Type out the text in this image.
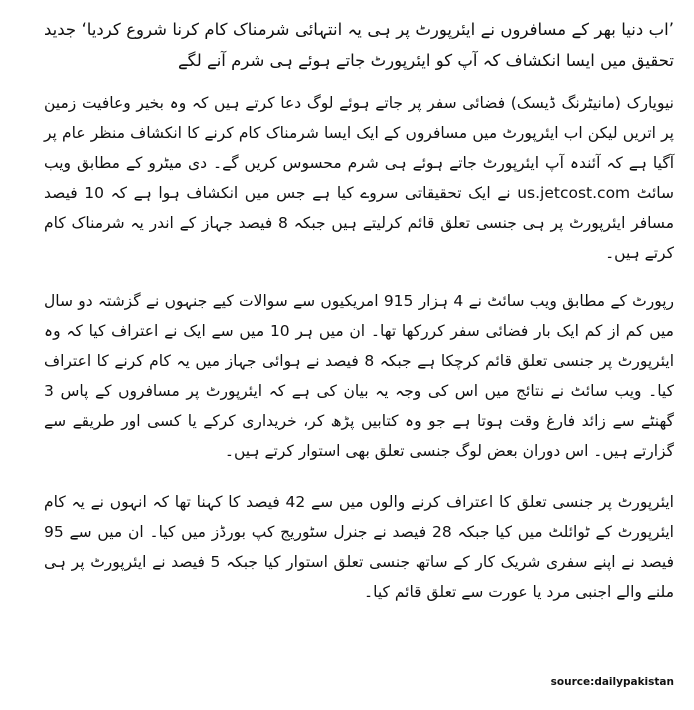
’اب دنیا بھر کے مسافروں نے ایئرپورٹ پر ہی یہ انتہائی شرمناک کام کرنا شروع کردیا‘ جدید تحقیق میں ایسا انکشاف کہ آپ کو ایئرپورٹ جاتے ہوئے ہی شرم آنے لگے

نیویارک (مانیٹرنگ ڈیسک) فضائی سفر پر جاتے ہوئے لوگ دعا کرتے ہیں کہ وہ بخیر وعافیت زمین پر اتریں لیکن اب ایئرپورٹ میں مسافروں کے ایک ایسا شرمناک کام کرنے کا انکشاف منظر عام پر آگیا ہے کہ آئندہ آپ ایئرپورٹ جاتے ہوئے ہی شرم محسوس کریں گے۔ دی میٹرو کے مطابق ویب سائٹ us.jetcost.com نے ایک تحقیقاتی سروے کیا ہے جس میں انکشاف ہوا ہے کہ 10 فیصد مسافر ایئرپورٹ پر ہی جنسی تعلق قائم کرلیتے ہیں جبکہ 8 فیصد جہاز کے اندر یہ شرمناک کام کرتے ہیں۔

رپورٹ کے مطابق ویب سائٹ نے 4 ہزار 915 امریکیوں سے سوالات کیے جنہوں نے گزشتہ دو سال میں کم از کم ایک بار فضائی سفر کررکھا تھا۔ ان میں ہر 10 میں سے ایک نے اعتراف کیا کہ وہ ایئرپورٹ پر جنسی تعلق قائم کرچکا ہے جبکہ 8 فیصد نے ہوائی جہاز میں یہ کام کرنے کا اعتراف کیا۔ ویب سائٹ نے نتائج میں اس کی وجہ یہ بیان کی ہے کہ ایئرپورٹ پر مسافروں کے پاس 3 گھنٹے سے زائد فارغ وقت ہوتا ہے جو وہ کتابیں پڑھ کر، خریداری کرکے یا کسی اور طریقے سے گزارتے ہیں۔ اس دوران بعض لوگ جنسی تعلق بھی استوار کرتے ہیں۔

ایئرپورٹ پر جنسی تعلق کا اعتراف کرنے والوں میں سے 42 فیصد کا کہنا تھا کہ انہوں نے یہ کام ایئرپورٹ کے ٹوائلٹ میں کیا جبکہ 28 فیصد نے جنرل سٹوریج کپ بورڈز میں کیا۔ ان میں سے 95 فیصد نے اپنے سفری شریک کار کے ساتھ جنسی تعلق استوار کیا جبکہ 5 فیصد نے ایئرپورٹ پر ہی ملنے والے اجنبی مرد یا عورت سے تعلق قائم کیا۔

source:dailypakistan
